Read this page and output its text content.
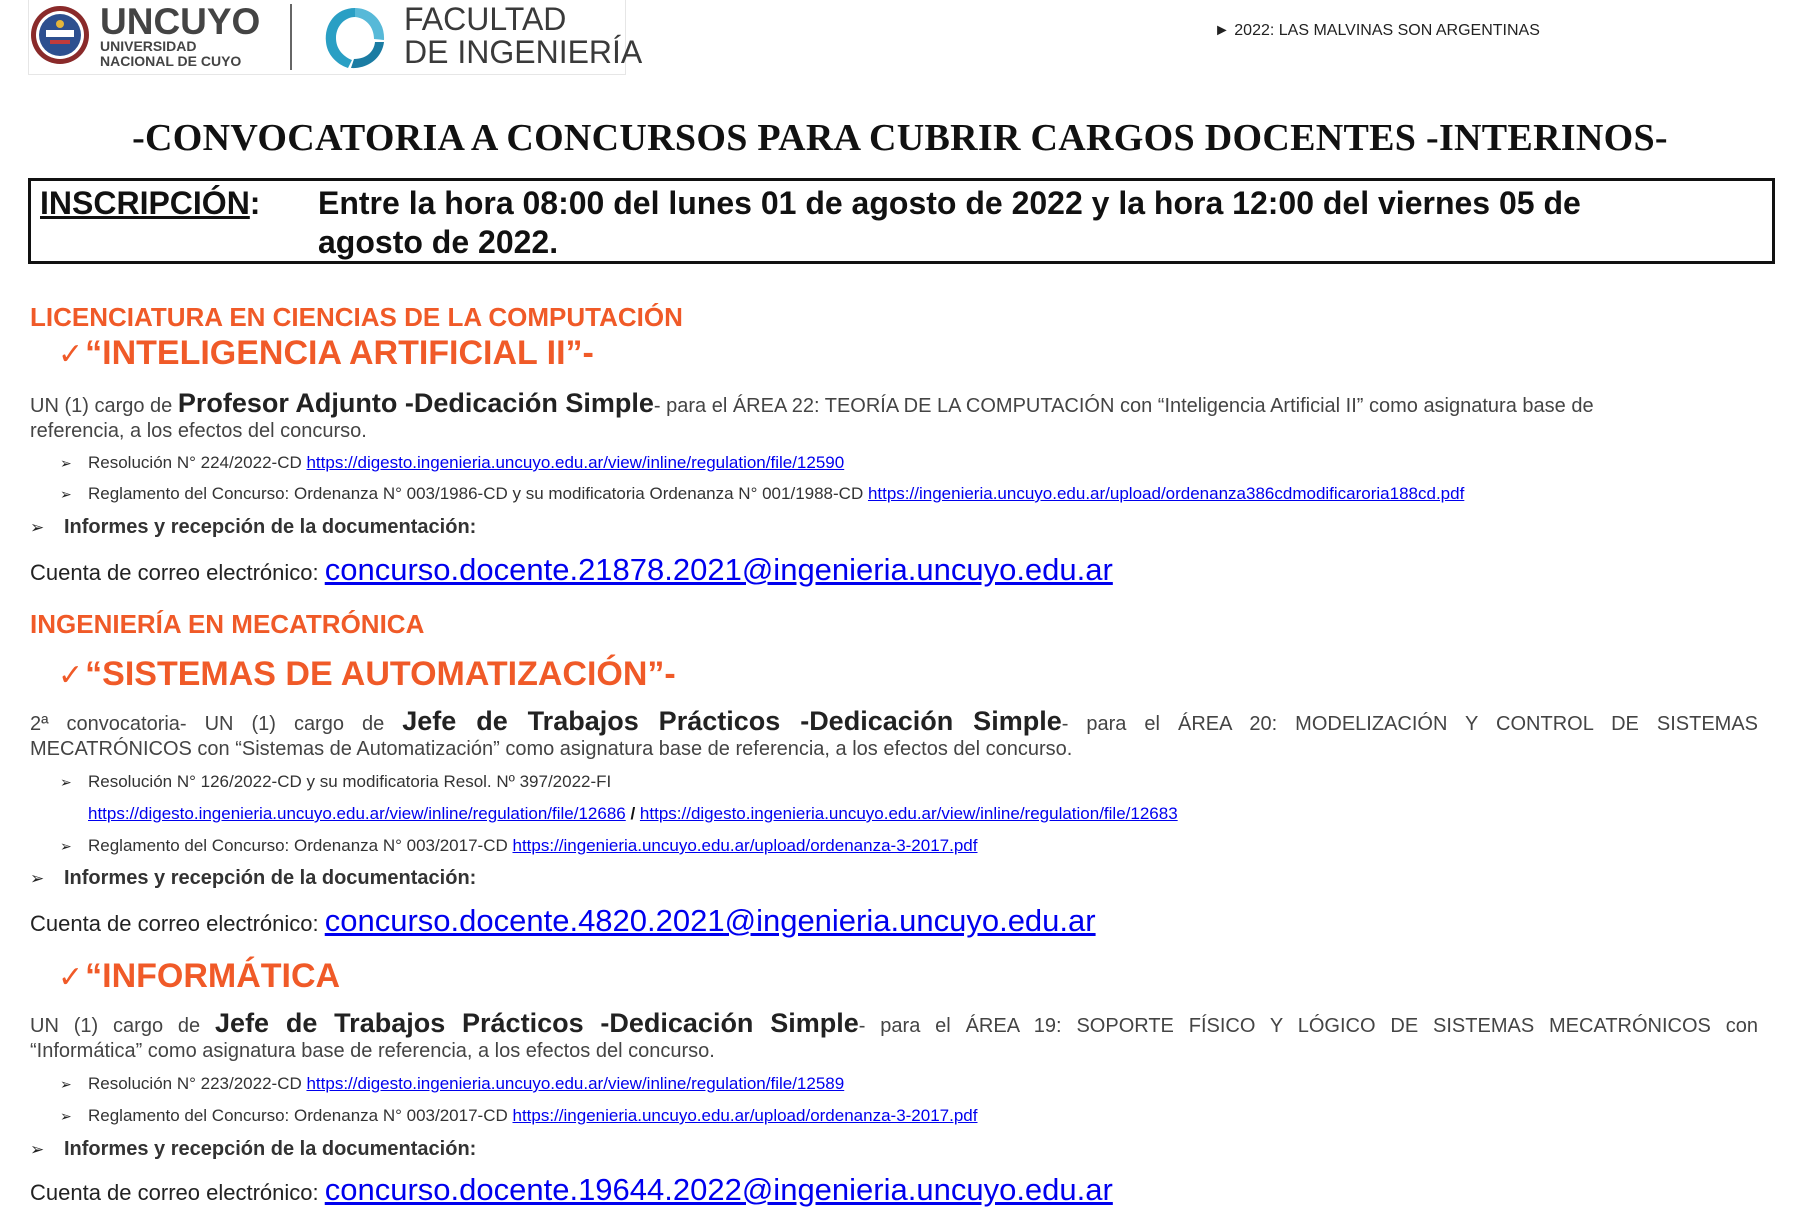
UNCUYO
UNIVERSIDAD
NACIONAL DE CUYO
FACULTAD
DE INGENIERÍA
► 2022: LAS MALVINAS SON ARGENTINAS
-CONVOCATORIA A CONCURSOS PARA CUBRIR CARGOS DOCENTES -INTERINOS-
INSCRIPCIÓN: Entre la hora 08:00 del lunes 01 de agosto de 2022 y la hora 12:00 del viernes 05 de
agosto de 2022.
LICENCIATURA EN CIENCIAS DE LA COMPUTACIÓN
✓“INTELIGENCIA ARTIFICIAL II”-
UN (1) cargo de Profesor Adjunto -Dedicación Simple- para el ÁREA 22: TEORÍA DE LA COMPUTACIÓN con “Inteligencia Artificial II” como asignatura base de
referencia, a los efectos del concurso.
➢ Resolución N° 224/2022-CD https://digesto.ingenieria.uncuyo.edu.ar/view/inline/regulation/file/12590
➢ Reglamento del Concurso: Ordenanza N° 003/1986-CD y su modificatoria Ordenanza N° 001/1988-CD https://ingenieria.uncuyo.edu.ar/upload/ordenanza386cdmodificaroria188cd.pdf
➢ Informes y recepción de la documentación:
Cuenta de correo electrónico: concurso.docente.21878.2021@ingenieria.uncuyo.edu.ar
INGENIERÍA EN MECATRÓNICA
✓“SISTEMAS DE AUTOMATIZACIÓN”-
2ª convocatoria- UN (1) cargo de Jefe de Trabajos Prácticos -Dedicación Simple- para el ÁREA 20: MODELIZACIÓN Y CONTROL DE SISTEMAS
MECATRÓNICOS con “Sistemas de Automatización” como asignatura base de referencia, a los efectos del concurso.
➢ Resolución N° 126/2022-CD y su modificatoria Resol. Nº 397/2022-FI
https://digesto.ingenieria.uncuyo.edu.ar/view/inline/regulation/file/12686 / https://digesto.ingenieria.uncuyo.edu.ar/view/inline/regulation/file/12683
➢ Reglamento del Concurso: Ordenanza N° 003/2017-CD https://ingenieria.uncuyo.edu.ar/upload/ordenanza-3-2017.pdf
➢ Informes y recepción de la documentación:
Cuenta de correo electrónico: concurso.docente.4820.2021@ingenieria.uncuyo.edu.ar
✓“INFORMÁTICA
UN (1) cargo de Jefe de Trabajos Prácticos -Dedicación Simple- para el ÁREA 19: SOPORTE FÍSICO Y LÓGICO DE SISTEMAS MECATRÓNICOS con
“Informática” como asignatura base de referencia, a los efectos del concurso.
➢ Resolución N° 223/2022-CD https://digesto.ingenieria.uncuyo.edu.ar/view/inline/regulation/file/12589
➢ Reglamento del Concurso: Ordenanza N° 003/2017-CD https://ingenieria.uncuyo.edu.ar/upload/ordenanza-3-2017.pdf
➢ Informes y recepción de la documentación:
Cuenta de correo electrónico: concurso.docente.19644.2022@ingenieria.uncuyo.edu.ar
